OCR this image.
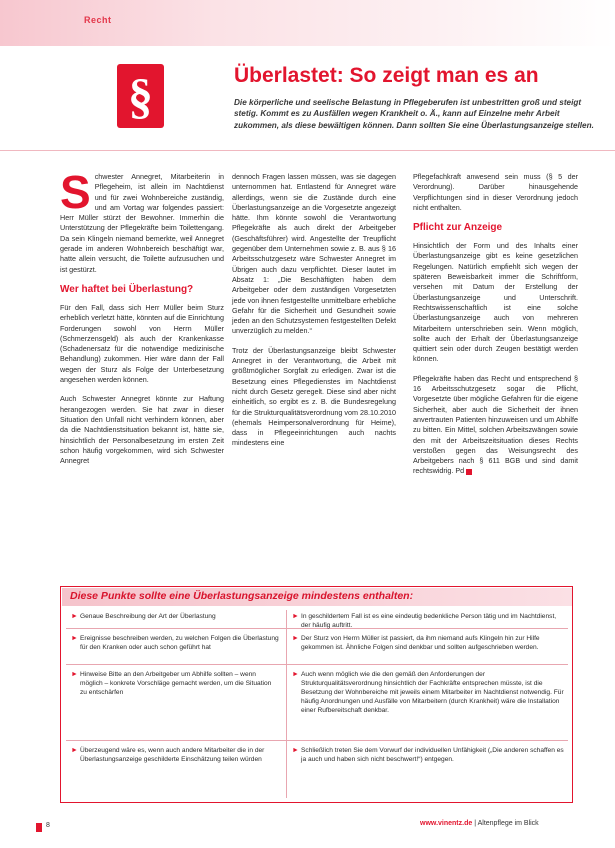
Recht
§	Überlastet: So zeigt man es an
Die körperliche und seelische Belastung in Pflegeberufen ist unbestritten groß und steigt stetig. Kommt es zu Ausfällen wegen Krankheit o. Ä., kann auf Einzelne mehr Arbeit zukommen, als diese bewältigen können. Dann sollten Sie eine Überlastungsanzeige stellen.

Schwester Annegret, Mitarbeiterin in Pflegeheim, ist allein im Nachtdienst und für zwei Wohnbereiche zuständig, und am Vortag war folgendes passiert: Herr Müller stürzt der Bewohner. Immerhin die Unterstützung der Pflegekräfte beim Toilettengang. Da sein Klingeln niemand bemerkte, weil Annegret gerade im anderen Wohnbereich beschäftigt war, hatte allein versucht, die Toilette aufzusuchen und ist gestürzt.

Wer haftet bei Überlastung?

Für den Fall, dass sich Herr Müller beim Sturz erheblich verletzt hätte, könnten auf die Einrichtung Forderungen sowohl von Herrn Müller (Schmerzensgeld) als auch der Krankenkasse (Schadenersatz für die notwendige medizinische Behandlung) zukommen. Hier wäre dann der Fall wegen der Sturz als Folge der Unterbesetzung angesehen werden können.

Auch Schwester Annegret könnte zur Haftung herangezogen werden. Sie hat zwar in dieser Situation den Unfall nicht verhindern können, aber da die Nachtdienstsituation bekannt ist, hätte sie, hinsichtlich der Personalbesetzung im ersten Zeit schon häufig vorgekommen, wird sich Schwester Annegret

dennoch Fragen lassen müssen, was sie dagegen unternommen hat. Entlastend für Annegret wäre allerdings, wenn sie die Zustände durch eine Überlastungsanzeige an die Vorgesetzte angezeigt hätte. Ihm könnte sowohl die Verantwortung Pflegekräfte als auch direkt der Arbeitgeber (Geschäftsführer) wird. Angestellte der Treupflicht gegenüber dem Unternehmen sowie z. B. aus § 16 Arbeitsschutzgesetz wäre Schwester Annegret im Übrigen auch dazu verpflichtet. Dieser lautet im Absatz 1: „Die Beschäftigten haben dem Arbeitgeber oder dem zuständigen Vorgesetzten jede von ihnen festgestellte unmittelbare erhebliche Gefahr für die Sicherheit und Gesundheit sowie jeden an den Schutzsystemen festgestellten Defekt unverzüglich zu melden.“

Trotz der Überlastungsanzeige bleibt Schwester Annegret in der Verantwortung, die Arbeit mit größtmöglicher Sorgfalt zu erledigen. Zwar ist die Besetzung eines Pflegedienstes im Nachtdienst nicht durch Gesetz geregelt. Diese sind aber nicht einheitlich, so ergibt es z. B. die Bundesregelung für die Strukturqualitätsverordnung vom 28.10.2010 (ehemals Heimpersonalverordnung für Heime), dass in Pflegeeinrichtungen auch nachts mindestens eine

Pflegefachkraft anwesend sein muss (§ 5 der Verordnung). Darüber hinausgehende Verpflichtungen sind in dieser Verordnung jedoch nicht enthalten.

Pflicht zur Anzeige

Hinsichtlich der Form und des Inhalts einer Überlastungsanzeige gibt es keine gesetzlichen Regelungen. Natürlich empfiehlt sich wegen der späteren Beweisbarkeit immer die Schriftform, versehen mit Datum der Erstellung der Überlastungsanzeige und Unterschrift. Rechtswissenschaftlich ist eine solche Überlastungsanzeige auch von mehreren Mitarbeitern unterschrieben sein. Wenn möglich, sollte auch der Erhalt der Überlastungsanzeige quittiert sein oder durch Zeugen bestätigt werden können.

Pflegekräfte haben das Recht und entsprechend § 16 Arbeitsschutzgesetz sogar die Pflicht, Vorgesetzte über mögliche Gefahren für die eigene Sicherheit, aber auch die Sicherheit der ihnen anvertrauten Patienten hinzuweisen und um Abhilfe zu bitten. Ein Mittel, solchen Arbeitszwängen sowie den mit der Arbeitszeitsituation dieses Rechts verstoßen gegen das Weisungsrecht des Arbeitgebers nach § 611 BGB und sind damit rechtswidrig. Pd

Diese Punkte sollte eine Überlastungsanzeige mindestens enthalten:
► Genaue Beschreibung der Art der Überlastung
► Ereignisse beschreiben werden, zu welchen Folgen die Überlastung für den Kranken oder auch schon geführt hat
► Hinweise Bitte an den Arbeitgeber um Abhilfe sollten – wenn möglich – konkrete Vorschläge gemacht werden, um die Situation zu entschärfen
► Überzeugend wäre es, wenn auch andere Mitarbeiter die in der Überlastungsanzeige geschilderte Einschätzung teilen würden
► In geschildertem Fall ist es eine eindeutig bedenkliche Person tätig und im Nachtdienst, der häufig auftritt.
► Der Sturz von Herrn Müller ist passiert, da ihm niemand aufs Klingeln hin zur Hilfe gekommen ist. Ähnliche Folgen sind denkbar und sollten aufgeschrieben werden.
► Auch wenn möglich wie die den gemäß den Anforderungen der Strukturqualitätsverordnung hinsichtlich der Fachkräfte entsprechen müsste, ist die Besetzung der Wohnbereiche mit jeweils einem Mitarbeiter im Nachtdienst notwendig. Für häufig Anordnungen und Ausfälle von Mitarbeitern (durch Krankheit) wäre die Installation einer Rufbereitschaft denkbar.
► Schließlich treten Sie dem Vorwurf der individuellen Unfähigkeit („Die anderen schaffen es ja auch und haben sich nicht beschwert!“) entgegen.
8	www.vinentz.de | Altenpflege im Blick
